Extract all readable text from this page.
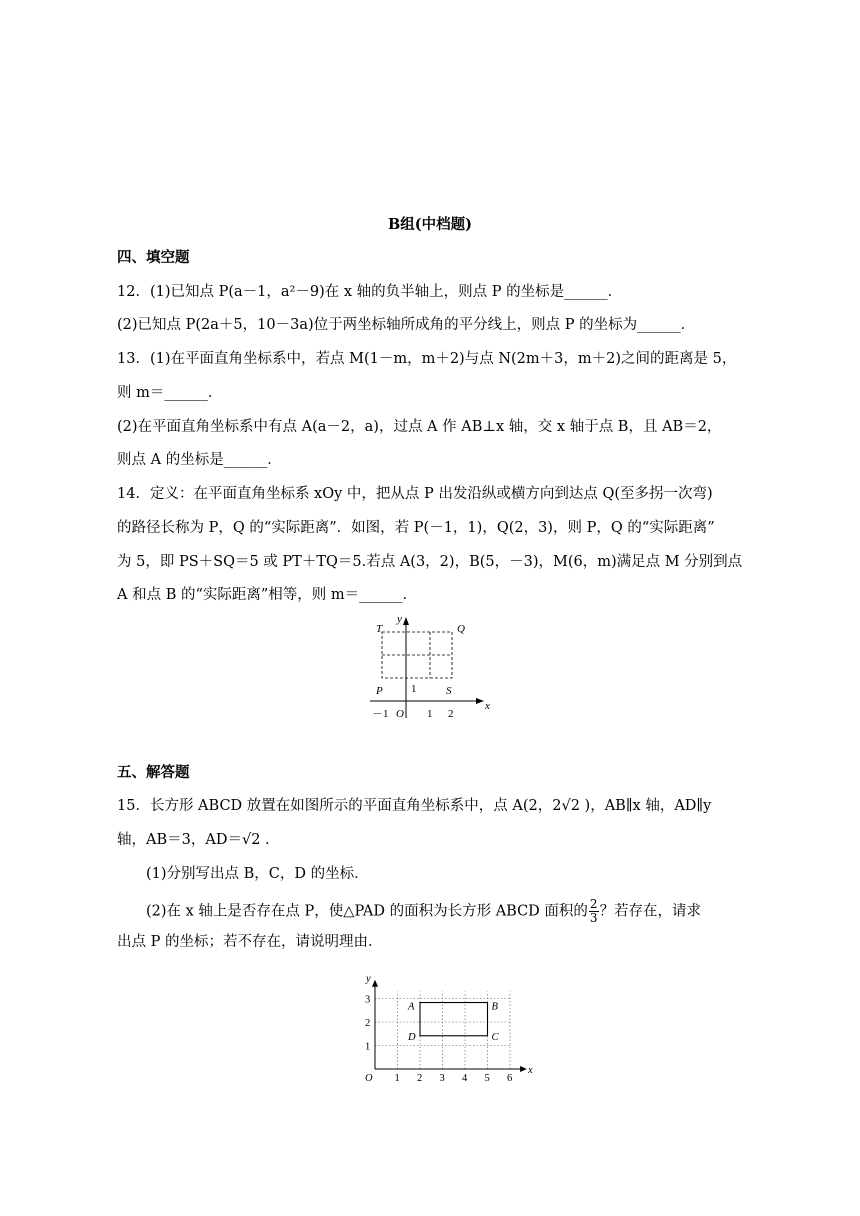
B组(中档题)
四、填空题
12．(1)已知点 P(a－1，a²－9)在 x 轴的负半轴上，则点 P 的坐标是______．
(2)已知点 P(2a＋5，10－3a)位于两坐标轴所成角的平分线上，则点 P 的坐标为______．
13．(1)在平面直角坐标系中，若点 M(1－m，m＋2)与点 N(2m＋3，m＋2)之间的距离是 5，
则 m＝______．
(2)在平面直角坐标系中有点 A(a－2，a)，过点 A 作 AB⊥x 轴，交 x 轴于点 B，且 AB＝2，
则点 A 的坐标是______．
14．定义：在平面直角坐标系 xOy 中，把从点 P 出发沿纵或横方向到达点 Q(至多拐一次弯)
的路径长称为 P，Q 的“实际距离”．如图，若 P(－1，1)，Q(2，3)，则 P，Q 的“实际距离”
为 5，即 PS＋SQ＝5 或 PT＋TQ＝5.若点 A(3，2)，B(5，－3)，M(6，m)满足点 M 分别到点
A 和点 B 的“实际距离”相等，则 m＝______．
T	Q
P	S
y
x
O
－1	1 2
1
五、解答题
15．长方形 ABCD 放置在如图所示的平面直角坐标系中，点 A(2，2√2 )，AB∥x 轴，AD∥y
轴，AB＝3，AD＝√2 ．
(1)分别写出点 B，C，D 的坐标．
(2)在 x 轴上是否存在点 P，使△PAD 的面积为长方形 ABCD 面积的 $\frac{2}{3}$ ？若存在，请求
出点 P 的坐标；若不存在，请说明理由．
A	B
C
D
1 2 3 4 5 6
1
2
3
O
x
y
